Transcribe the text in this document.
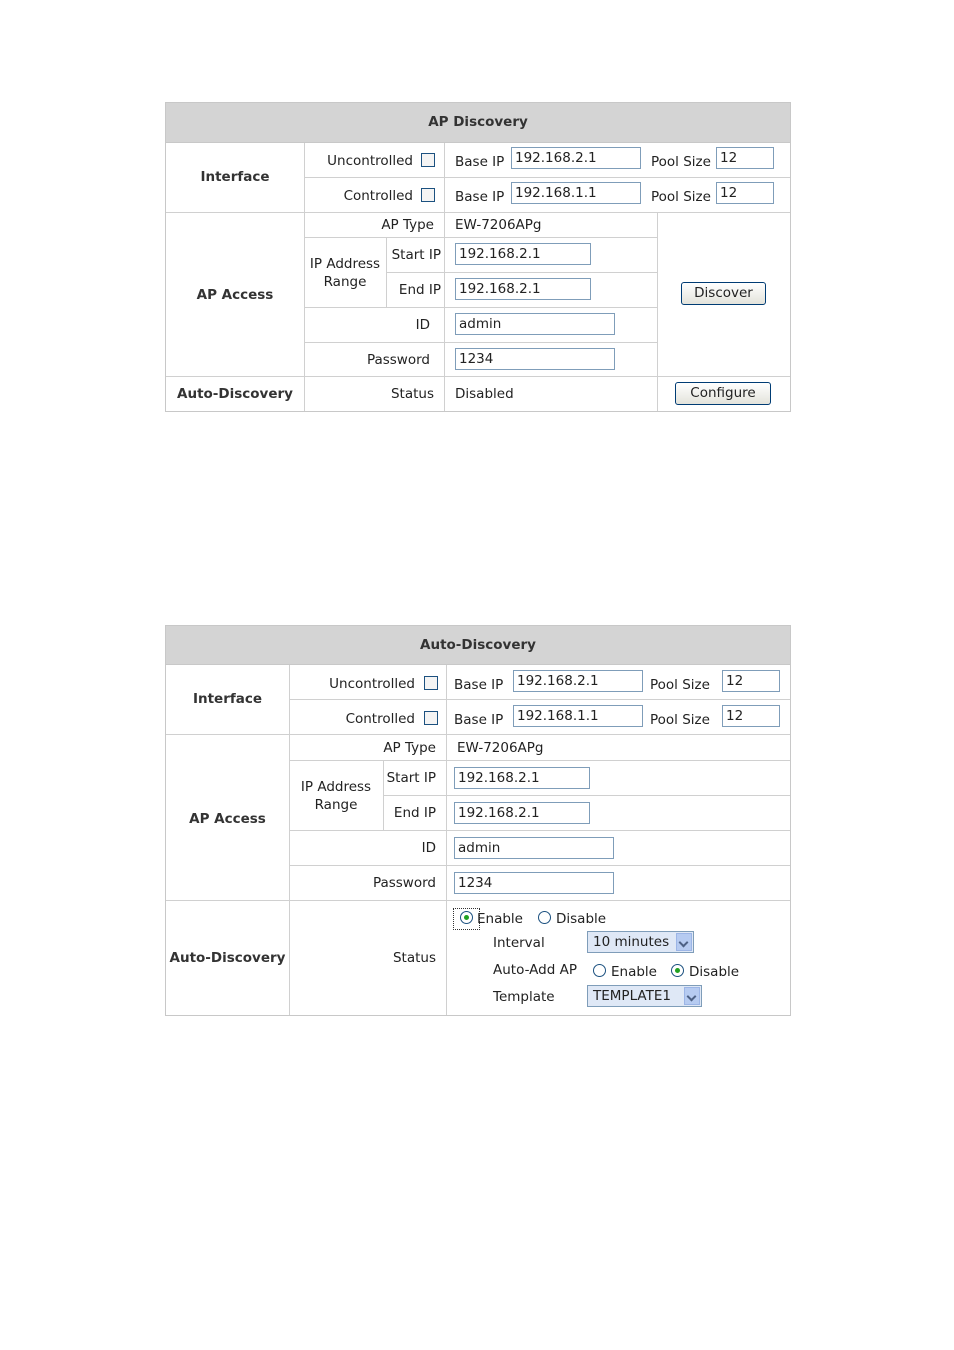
AP Discovery
Interface
Uncontrolled	Base IP 192.168.2.1	Pool Size 12
Controlled	Base IP 192.168.1.1	Pool Size 12
AP Access
AP Type EW-7206APg
IP Address
Range
Start IP 192.168.2.1
End IP 192.168.2.1
ID admin
Password 1234
Discover
Auto-Discovery	Status Disabled	Configure
Auto-Discovery
Interface
Uncontrolled	Base IP 192.168.2.1	Pool Size 12
Controlled	Base IP 192.168.1.1	Pool Size 12
AP Access
AP Type EW-7206APg
IP Address
Range
Start IP 192.168.2.1
End IP 192.168.2.1
ID admin
Password 1234
Auto-Discovery	Status
Enable Disable
Interval	10 minutes
Auto-Add AP	Enable Disable
Template	TEMPLATE1
